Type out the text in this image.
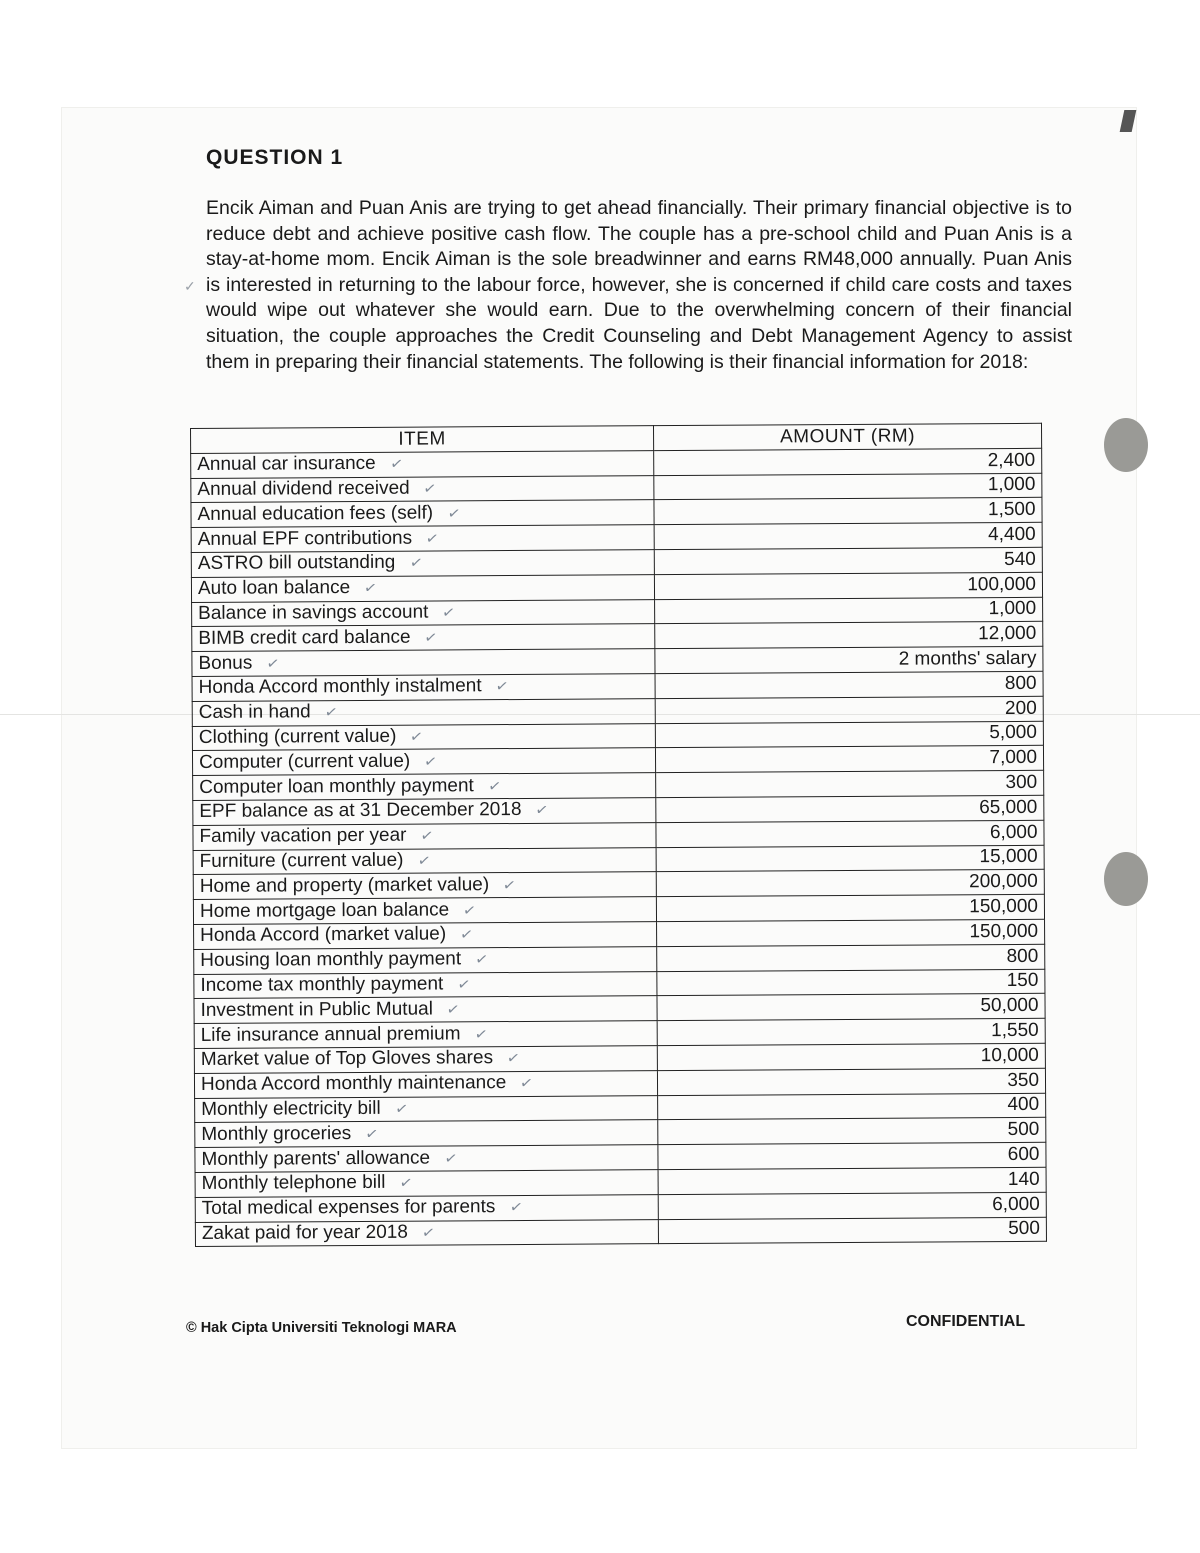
QUESTION 1
✓
Encik Aiman and Puan Anis are trying to get ahead financially. Their primary financial objective is to reduce debt and achieve positive cash flow. The couple has a pre-school child and Puan Anis is a stay-at-home mom. Encik Aiman is the sole breadwinner and earns RM48,000 annually. Puan Anis is interested in returning to the labour force, however, she is concerned if child care costs and taxes would wipe out whatever she would earn. Due to the overwhelming concern of their financial situation, the couple approaches the Credit Counseling and Debt Management Agency to assist them in preparing their financial statements. The following is their financial information for 2018:
ITEM	AMOUNT (RM)
Annual car insurance ✓	2,400
Annual dividend received ✓	1,000
Annual education fees (self) ✓	1,500
Annual EPF contributions ✓	4,400
ASTRO bill outstanding ✓	540
Auto loan balance ✓	100,000
Balance in savings account ✓	1,000
BIMB credit card balance ✓	12,000
Bonus ✓	2 months' salary
Honda Accord monthly instalment ✓	800
Cash in hand ✓	200
Clothing (current value) ✓	5,000
Computer (current value) ✓	7,000
Computer loan monthly payment ✓	300
EPF balance as at 31 December 2018 ✓	65,000
Family vacation per year ✓	6,000
Furniture (current value) ✓	15,000
Home and property (market value) ✓	200,000
Home mortgage loan balance ✓	150,000
Honda Accord (market value) ✓	150,000
Housing loan monthly payment ✓	800
Income tax monthly payment ✓	150
Investment in Public Mutual ✓	50,000
Life insurance annual premium ✓	1,550
Market value of Top Gloves shares ✓	10,000
Honda Accord monthly maintenance ✓	350
Monthly electricity bill ✓	400
Monthly groceries ✓	500
Monthly parents' allowance ✓	600
Monthly telephone bill ✓	140
Total medical expenses for parents ✓	6,000
Zakat paid for year 2018 ✓	500
© Hak Cipta Universiti Teknologi MARA	CONFIDENTIAL
